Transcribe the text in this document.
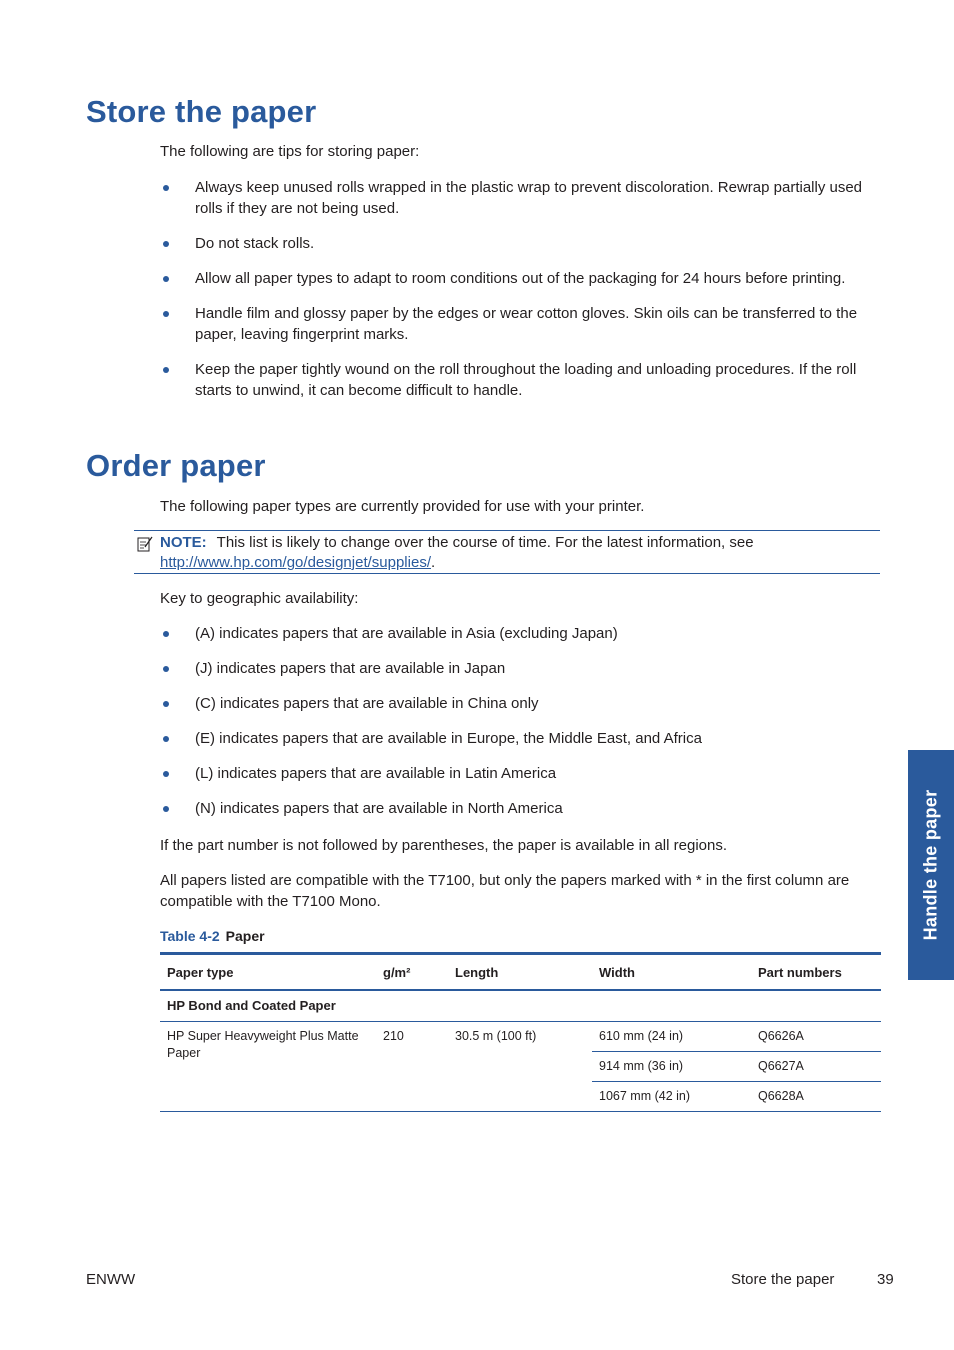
Store the paper

The following are tips for storing paper:

Always keep unused rolls wrapped in the plastic wrap to prevent discoloration. Rewrap partially used rolls if they are not being used.
Do not stack rolls.
Allow all paper types to adapt to room conditions out of the packaging for 24 hours before printing.
Handle film and glossy paper by the edges or wear cotton gloves. Skin oils can be transferred to the paper, leaving fingerprint marks.
Keep the paper tightly wound on the roll throughout the loading and unloading procedures. If the roll starts to unwind, it can become difficult to handle.
Order paper

The following paper types are currently provided for use with your printer.

NOTE: This list is likely to change over the course of time. For the latest information, see
http://www.hp.com/go/designjet/supplies/.

Key to geographic availability:

(A) indicates papers that are available in Asia (excluding Japan)
(J) indicates papers that are available in Japan
(C) indicates papers that are available in China only
(E) indicates papers that are available in Europe, the Middle East, and Africa
(L) indicates papers that are available in Latin America
(N) indicates papers that are available in North America

If the part number is not followed by parentheses, the paper is available in all regions.

All papers listed are compatible with the T7100, but only the papers marked with * in the first column are compatible with the T7100 Mono.

Table 4-2 Paper
Paper type	g/m²	Length	Width	Part numbers
HP Bond and Coated Paper				
HP Super Heavyweight Plus Matte Paper	210	30.5 m (100 ft)	610 mm (24 in)	Q6626A
			914 mm (36 in)	Q6627A
			1067 mm (42 in)	Q6628A
Handle the paper
ENWW	Store the paper	39
